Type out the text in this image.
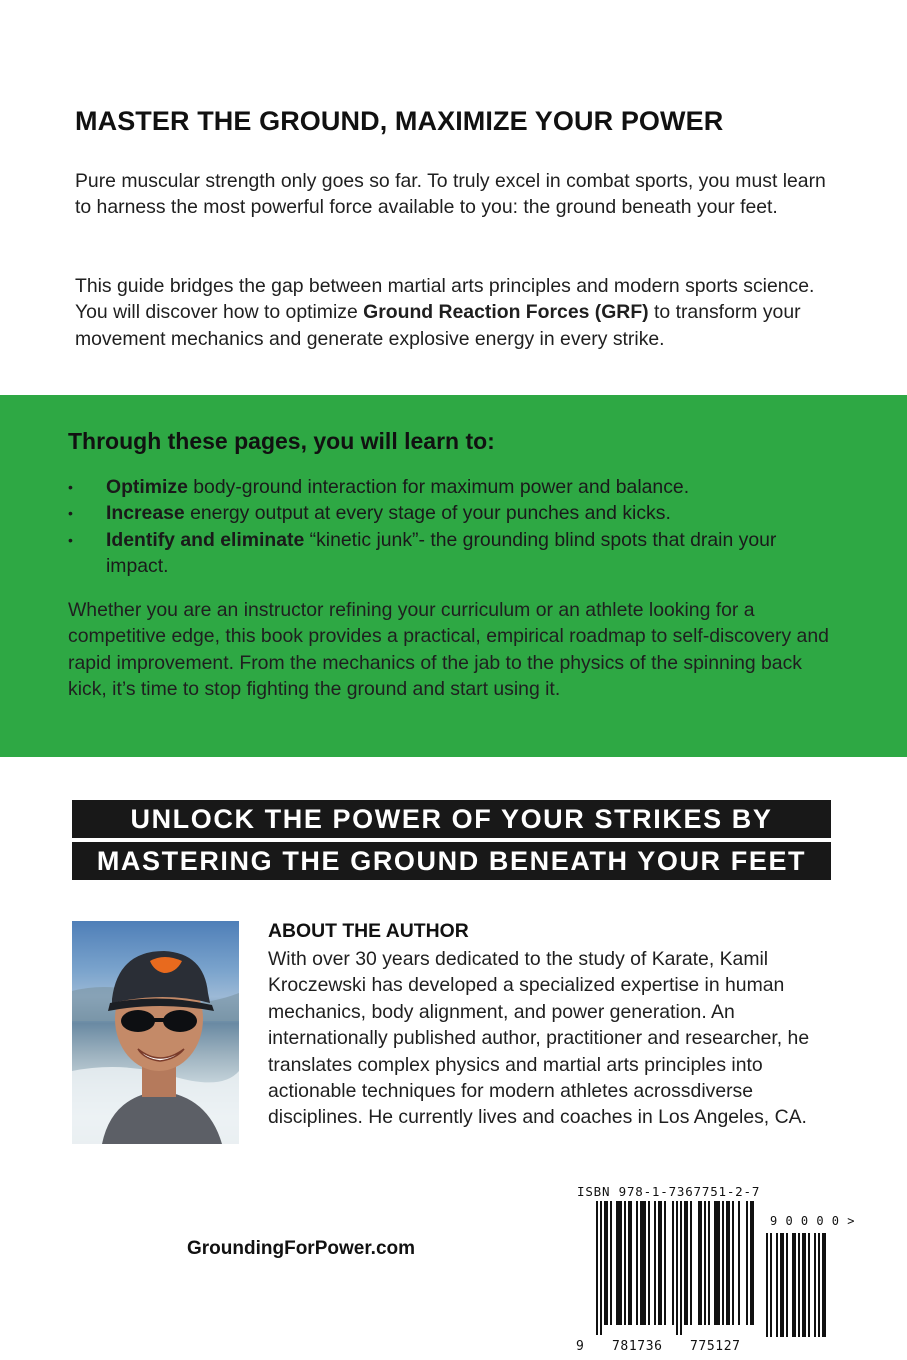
MASTER THE GROUND, MAXIMIZE YOUR POWER

Pure muscular strength only goes so far. To truly excel in combat sports, you must learn to harness the most powerful force available to you: the ground beneath your feet.

This guide bridges the gap between martial arts principles and modern sports science. You will discover how to optimize Ground Reaction Forces (GRF) to transform your movement mechanics and generate explosive energy in every strike.

Through these pages, you will learn to:
• Optimize body-ground interaction for maximum power and balance.
• Increase energy output at every stage of your punches and kicks.
• Identify and eliminate “kinetic junk”- the grounding blind spots that drain your impact.

Whether you are an instructor refining your curriculum or an athlete looking for a competitive edge, this book provides a practical, empirical roadmap to self-discovery and rapid improvement. From the mechanics of the jab to the physics of the spinning back kick, it’s time to stop fighting the ground and start using it.

UNLOCK THE POWER OF YOUR STRIKES BY
MASTERING THE GROUND BENEATH YOUR FEET
ABOUT THE AUTHOR

With over 30 years dedicated to the study of Karate, Kamil Kroczewski has developed a specialized expertise in human mechanics, body alignment, and power generation. An internationally published author, practitioner and researcher, he translates complex physics and martial arts principles into actionable techniques for modern athletes acrossdiverse disciplines. He currently lives and coaches in Los Angeles, CA.

GroundingForPower.com
ISBN 978-1-7367751-2-7
9 0 0 0 0 >
9 781736 775127
